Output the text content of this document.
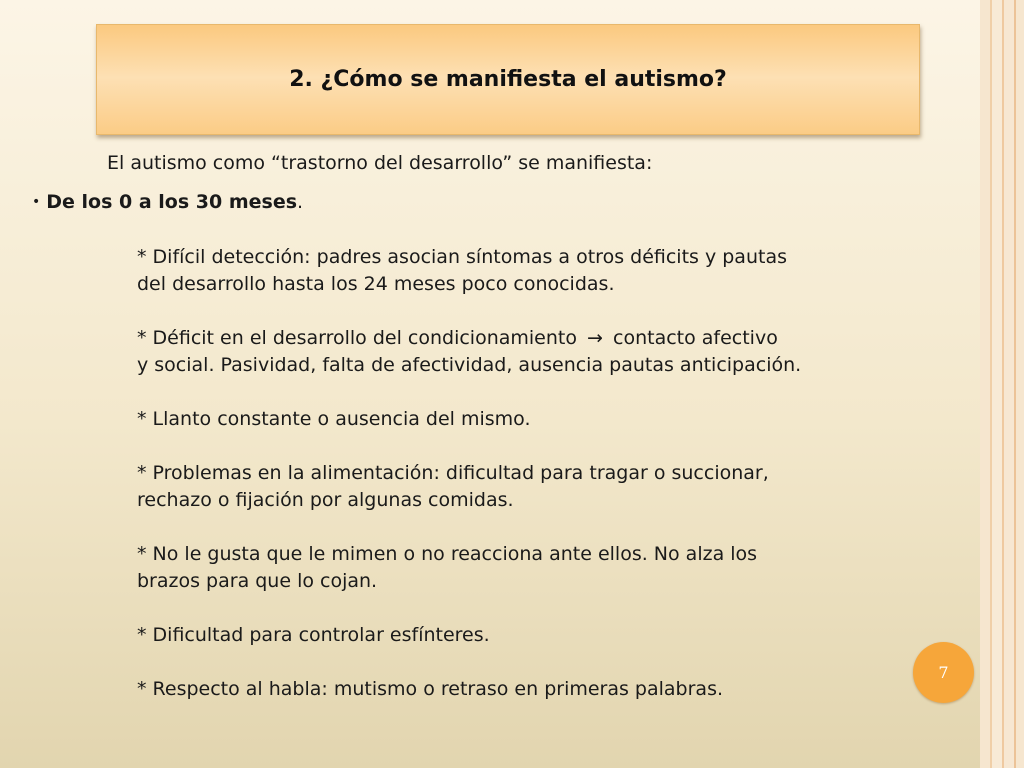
2. ¿Cómo se manifiesta el autismo?

El autismo como “trastorno del desarrollo” se manifiesta:

• De los 0 a los 30 meses.

* Difícil detección: padres asocian síntomas a otros déficits y pautas
del desarrollo hasta los 24 meses poco conocidas.

* Déficit en el desarrollo del condicionamiento → contacto afectivo
y social. Pasividad, falta de afectividad, ausencia pautas anticipación.

* Llanto constante o ausencia del mismo.

* Problemas en la alimentación: dificultad para tragar o succionar,
rechazo o fijación por algunas comidas.

* No le gusta que le mimen o no reacciona ante ellos. No alza los
brazos para que lo cojan.

* Dificultad para controlar esfínteres.

* Respecto al habla: mutismo o retraso en primeras palabras.

7
